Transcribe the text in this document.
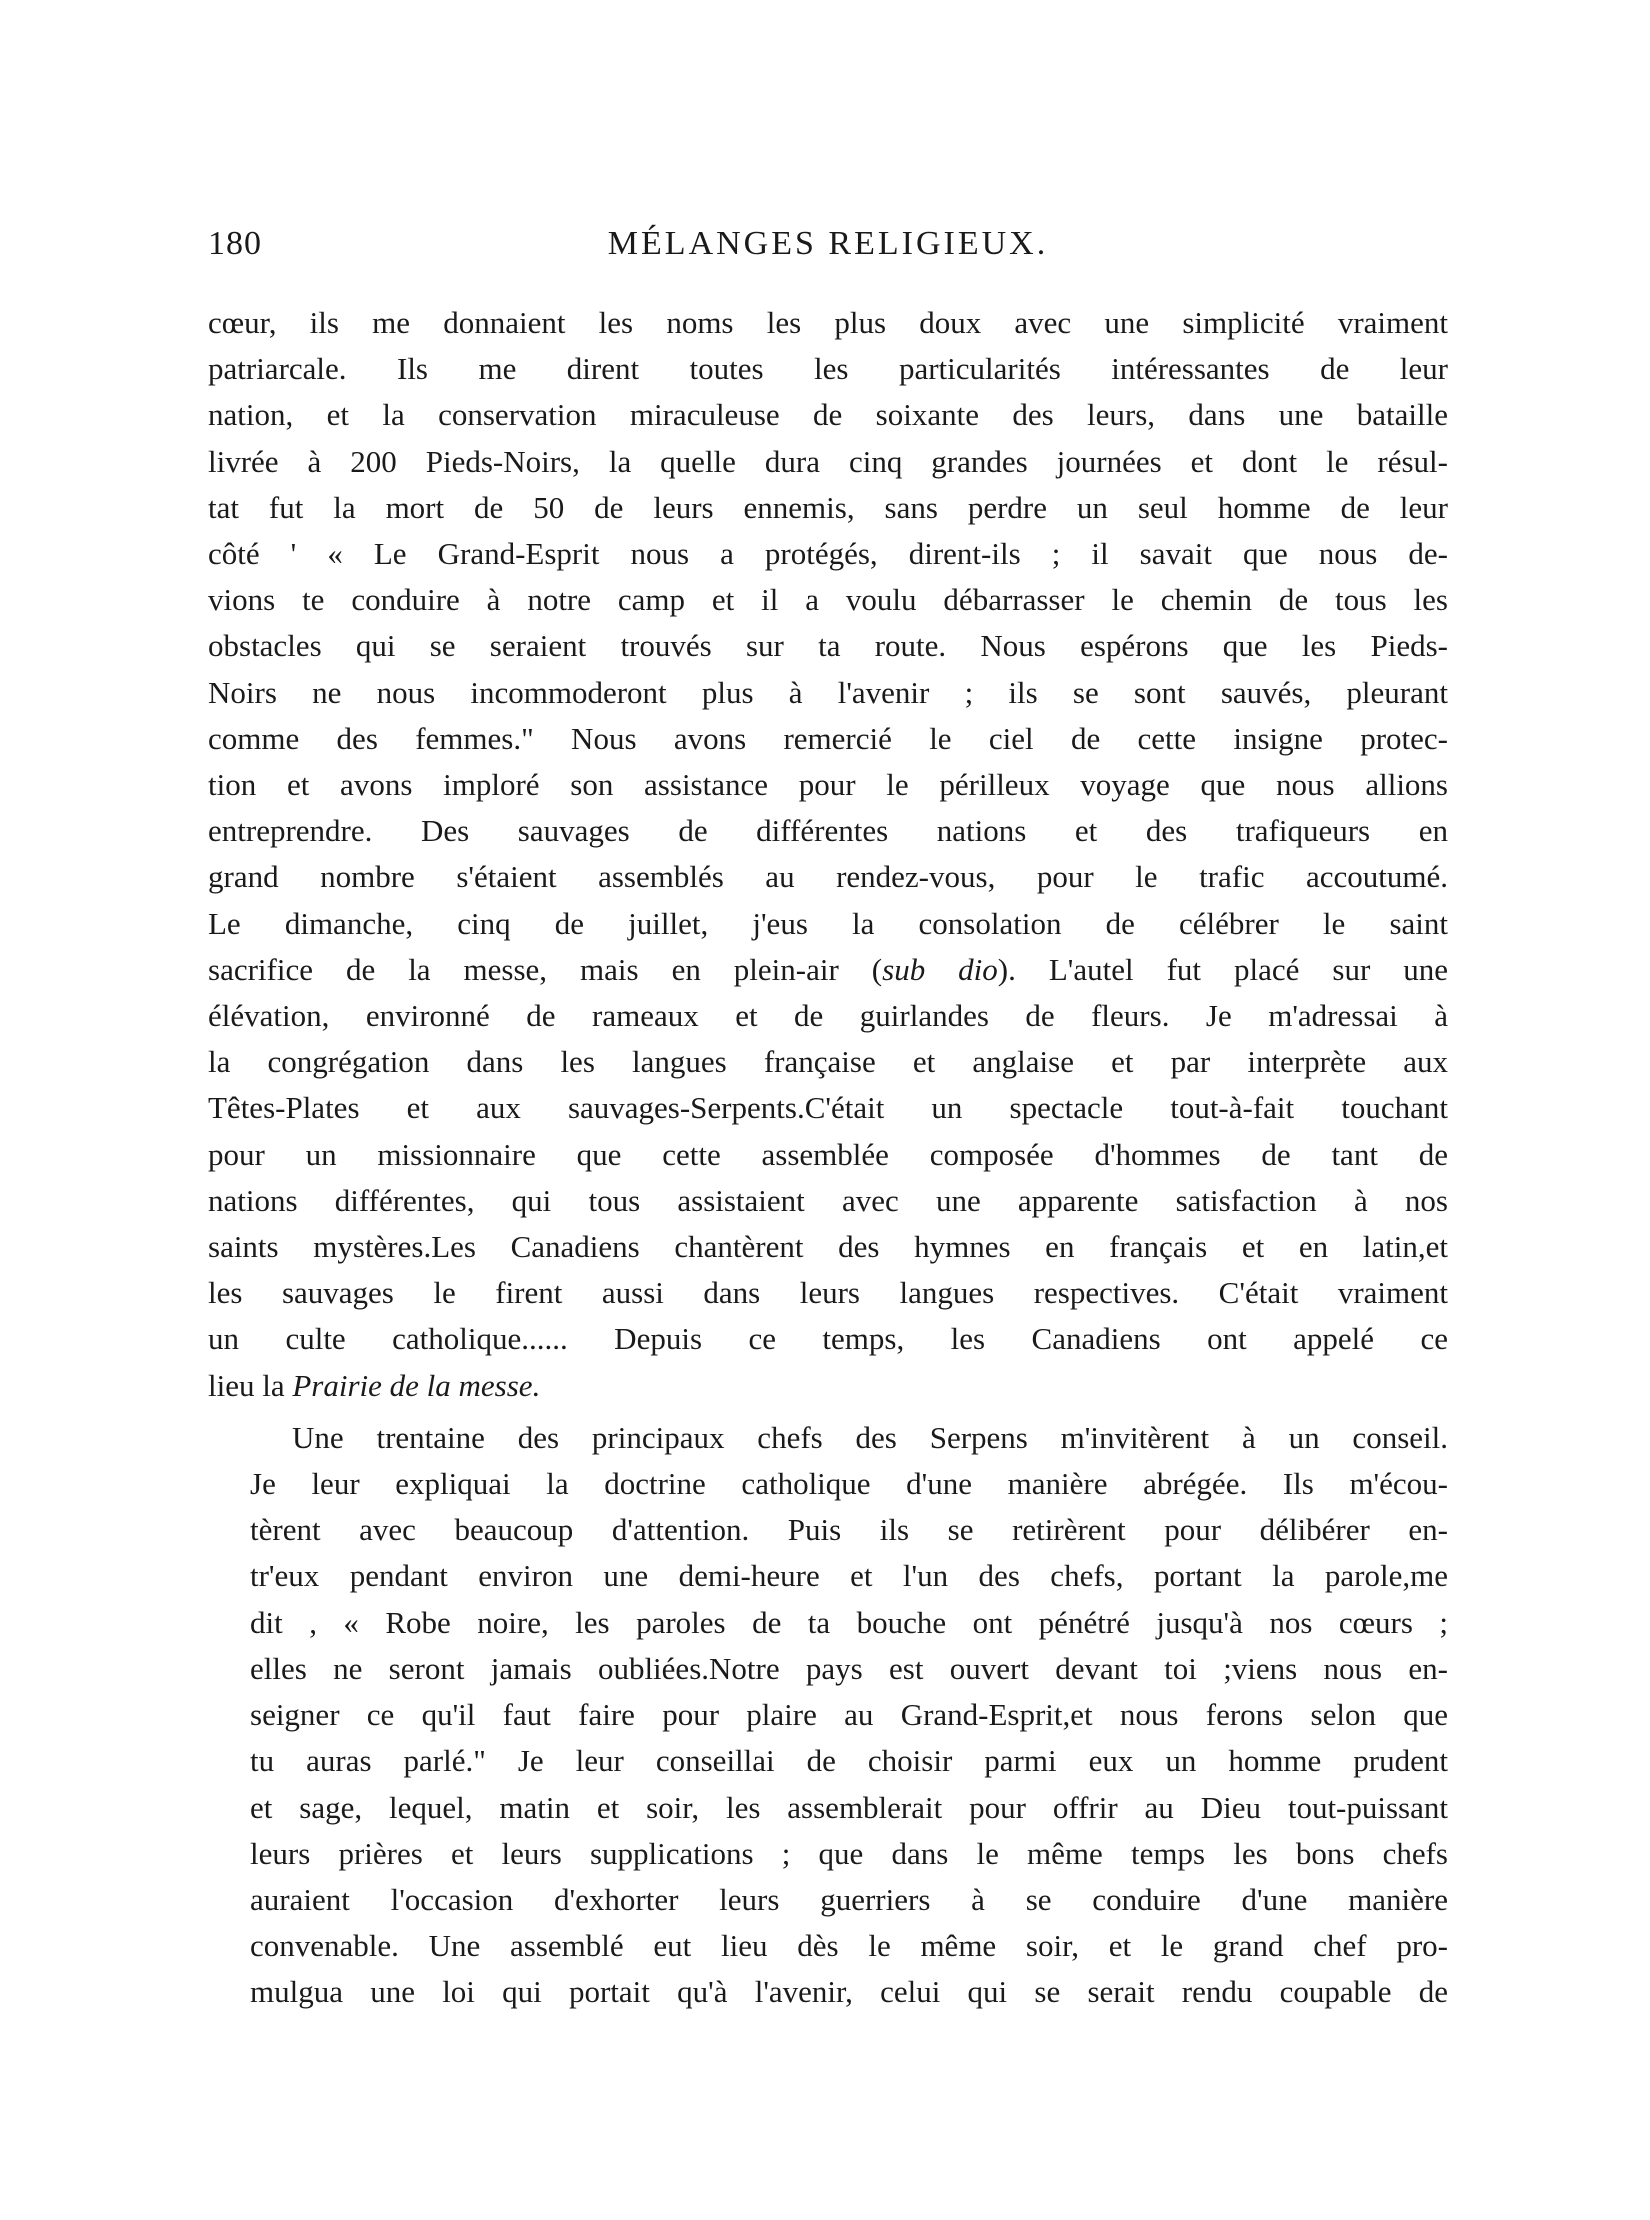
180	MÉLANGES RELIGIEUX.

cœur, ils me donnaient les noms les plus doux avec une simplicité vraiment
patriarcale. Ils me dirent toutes les particularités intéressantes de leur
nation, et la conservation miraculeuse de soixante des leurs, dans une bataille
livrée à 200 Pieds-Noirs, la quelle dura cinq grandes journées et dont le résul-
tat fut la mort de 50 de leurs ennemis, sans perdre un seul homme de leur
côté ' « Le Grand-Esprit nous a protégés, dirent-ils ; il savait que nous de-
vions te conduire à notre camp et il a voulu débarrasser le chemin de tous les
obstacles qui se seraient trouvés sur ta route. Nous espérons que les Pieds-
Noirs ne nous incommoderont plus à l'avenir ; ils se sont sauvés, pleurant
comme des femmes." Nous avons remercié le ciel de cette insigne protec-
tion et avons imploré son assistance pour le périlleux voyage que nous allions
entreprendre. Des sauvages de différentes nations et des trafiqueurs en
grand nombre s'étaient assemblés au rendez-vous, pour le trafic accoutumé.
Le dimanche, cinq de juillet, j'eus la consolation de célébrer le saint
sacrifice de la messe, mais en plein-air (sub dio). L'autel fut placé sur une
élévation, environné de rameaux et de guirlandes de fleurs. Je m'adressai à
la congrégation dans les langues française et anglaise et par interprète aux
Têtes-Plates et aux sauvages-Serpents.C'était un spectacle tout-à-fait touchant
pour un missionnaire que cette assemblée composée d'hommes de tant de
nations différentes, qui tous assistaient avec une apparente satisfaction à nos
saints mystères.Les Canadiens chantèrent des hymnes en français et en latin,et
les sauvages le firent aussi dans leurs langues respectives. C'était vraiment
un culte catholique...... Depuis ce temps, les Canadiens ont appelé ce
lieu la Prairie de la messe.

Une trentaine des principaux chefs des Serpens m'invitèrent à un conseil.
Je leur expliquai la doctrine catholique d'une manière abrégée. Ils m'écou-
tèrent avec beaucoup d'attention. Puis ils se retirèrent pour délibérer en-
tr'eux pendant environ une demi-heure et l'un des chefs, portant la parole,me
dit , « Robe noire, les paroles de ta bouche ont pénétré jusqu'à nos cœurs ;
elles ne seront jamais oubliées.Notre pays est ouvert devant toi ;viens nous en-
seigner ce qu'il faut faire pour plaire au Grand-Esprit,et nous ferons selon que
tu auras parlé." Je leur conseillai de choisir parmi eux un homme prudent
et sage, lequel, matin et soir, les assemblerait pour offrir au Dieu tout-puissant
leurs prières et leurs supplications ; que dans le même temps les bons chefs
auraient l'occasion d'exhorter leurs guerriers à se conduire d'une manière
convenable. Une assemblé eut lieu dès le même soir, et le grand chef pro-
mulgua une loi qui portait qu'à l'avenir, celui qui se serait rendu coupable de
